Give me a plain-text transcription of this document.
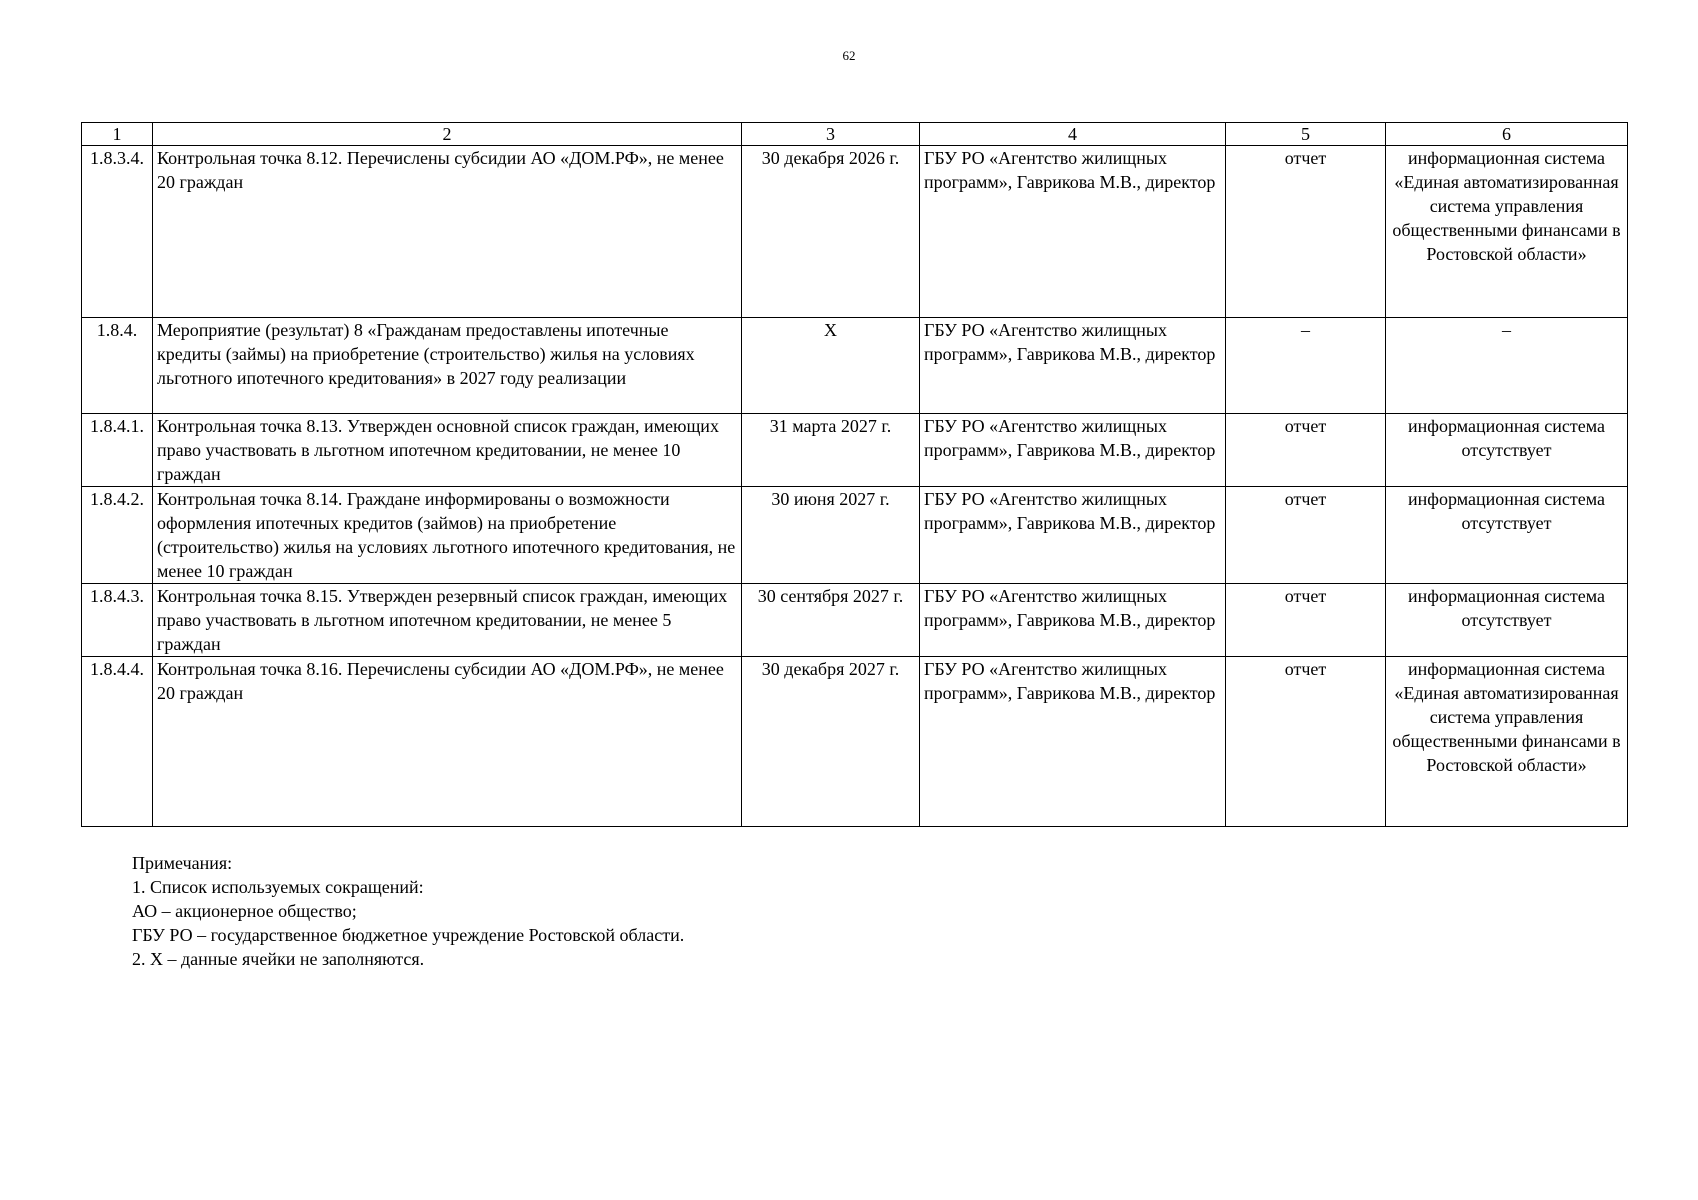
62
1	2	3	4	5	6
1.8.3.4.	Контрольная точка 8.12. Перечислены субсидии АО «ДОМ.РФ», не менее 20 граждан	30 декабря 2026 г.	ГБУ РО «Агентство жилищных программ», Гаврикова М.В., директор	отчет	информационная система «Единая автоматизированная система управления общественными финансами в Ростовской области»
1.8.4.	Мероприятие (результат) 8 «Гражданам предоставлены ипотечные кредиты (займы) на приобретение (строительство) жилья на условиях льготного ипотечного кредитования» в 2027 году реализации	Х	ГБУ РО «Агентство жилищных программ», Гаврикова М.В., директор	–	–
1.8.4.1.	Контрольная точка 8.13. Утвержден основной список граждан, имеющих право участвовать в льготном ипотечном кредитовании, не менее 10 граждан	31 марта 2027 г.	ГБУ РО «Агентство жилищных программ», Гаврикова М.В., директор	отчет	информационная система отсутствует
1.8.4.2.	Контрольная точка 8.14. Граждане информированы о возможности оформления ипотечных кредитов (займов) на приобретение (строительство) жилья на условиях льготного ипотечного кредитования, не менее 10 граждан	30 июня 2027 г.	ГБУ РО «Агентство жилищных программ», Гаврикова М.В., директор	отчет	информационная система отсутствует
1.8.4.3.	Контрольная точка 8.15. Утвержден резервный список граждан, имеющих право участвовать в льготном ипотечном кредитовании, не менее 5 граждан	30 сентября 2027 г.	ГБУ РО «Агентство жилищных программ», Гаврикова М.В., директор	отчет	информационная система отсутствует
1.8.4.4.	Контрольная точка 8.16. Перечислены субсидии АО «ДОМ.РФ», не менее 20 граждан	30 декабря 2027 г.	ГБУ РО «Агентство жилищных программ», Гаврикова М.В., директор	отчет	информационная система «Единая автоматизированная система управления общественными финансами в Ростовской области»
Примечания:
1. Список используемых сокращений:
АО – акционерное общество;
ГБУ РО – государственное бюджетное учреждение Ростовской области.
2. Х – данные ячейки не заполняются.
